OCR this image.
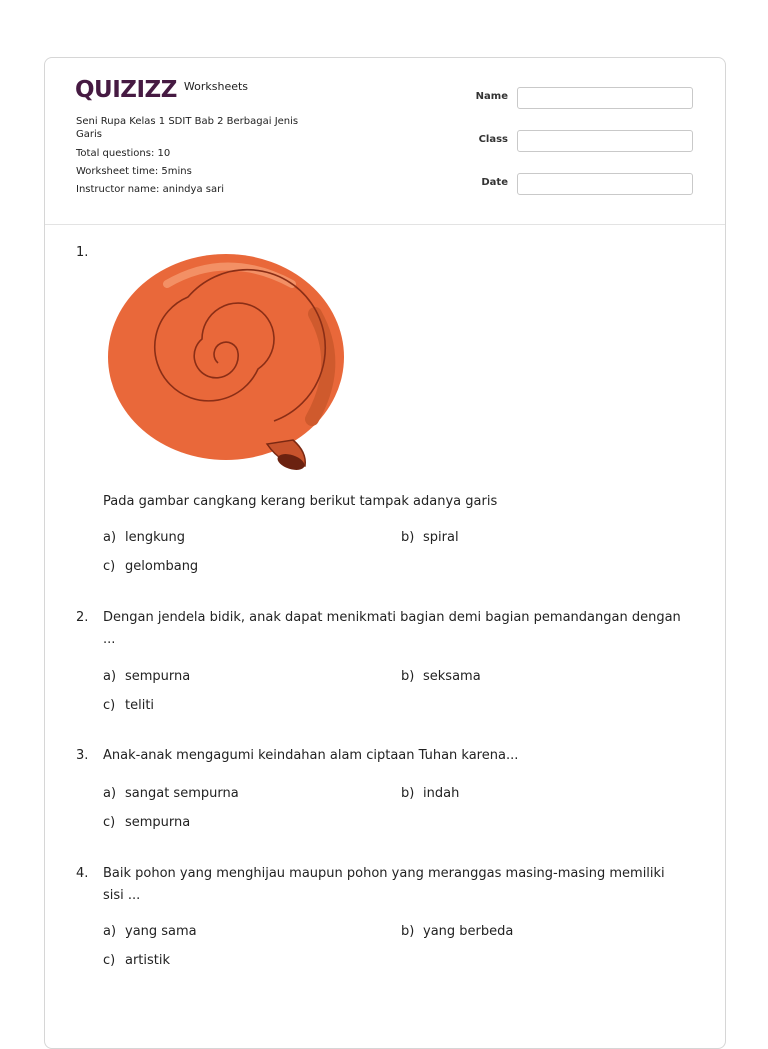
QUIZIZZ Worksheets
Seni Rupa Kelas 1 SDIT Bab 2 Berbagai Jenis Garis
Total questions: 10
Worksheet time: 5mins
Instructor name: anindya sari
Name
Class
Date
1.
Pada gambar cangkang kerang berikut tampak adanya garis
a) lengkung	b) spiral
c) gelombang
2. Dengan jendela bidik, anak dapat menikmati bagian demi bagian pemandangan dengan ...
a) sempurna	b) seksama
c) teliti
3. Anak-anak mengagumi keindahan alam ciptaan Tuhan karena...
a) sangat sempurna	b) indah
c) sempurna
4. Baik pohon yang menghijau maupun pohon yang meranggas masing-masing memiliki sisi ...
a) yang sama	b) yang berbeda
c) artistik
